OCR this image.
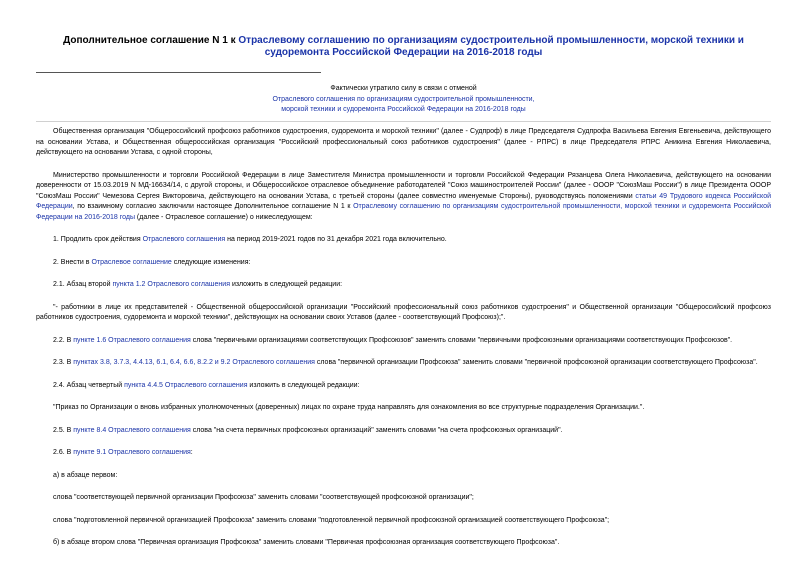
Дополнительное соглашение N 1 к Отраслевому соглашению по организациям судостроительной промышленности, морской техники и судоремонта Российской Федерации на 2016-2018 годы
Фактически утратило силу в связи с отменой
Отраслевого соглашения по организациям судостроительной промышленности,
морской техники и судоремонта Российской Федерации на 2016-2018 годы

Общественная организация "Общероссийский профсоюз работников судостроения, судоремонта и морской техники" (далее - Судпроф) в лице Председателя Судпрофа Васильева Евгения Евгеньевича, действующего на основании Устава, и Общественная общероссийская организация "Российский профессиональный союз работников судостроения" (далее - РПРС) в лице Председателя РПРС Аникина Евгения Николаевича, действующего на основании Устава, с одной стороны,

Министерство промышленности и торговли Российской Федерации в лице Заместителя Министра промышленности и торговли Российской Федерации Рязанцева Олега Николаевича, действующего на основании доверенности от 15.03.2019 N МД-16634/14, с другой стороны, и Общероссийское отраслевое объединение работодателей "Союз машиностроителей России" (далее - ОООР "СоюзМаш России") в лице Президента ОООР "СоюзМаш России" Чемезова Сергея Викторовича, действующего на основании Устава, с третьей стороны (далее совместно именуемые Стороны), руководствуясь положениями статьи 49 Трудового кодекса Российской Федерации, по взаимному согласию заключили настоящее Дополнительное соглашение N 1 к Отраслевому соглашению по организациям судостроительной промышленности, морской техники и судоремонта Российской Федерации на 2016-2018 годы (далее - Отраслевое соглашение) о нижеследующем:

1. Продлить срок действия Отраслевого соглашения на период 2019-2021 годов по 31 декабря 2021 года включительно.

2. Внести в Отраслевое соглашение следующие изменения:

2.1. Абзац второй пункта 1.2 Отраслевого соглашения изложить в следующей редакции:

"- работники в лице их представителей - Общественной общероссийской организации "Российский профессиональный союз работников судостроения" и Общественной организации "Общероссийский профсоюз работников судостроения, судоремонта и морской техники", действующих на основании своих Уставов (далее - соответствующий Профсоюз);".

2.2. В пункте 1.6 Отраслевого соглашения слова "первичными организациями соответствующих Профсоюзов" заменить словами "первичными профсоюзными организациями соответствующих Профсоюзов".

2.3. В пунктах 3.8, 3.7.3, 4.4.13, 6.1, 6.4, 6.6, 8.2.2 и 9.2 Отраслевого соглашения слова "первичной организации Профсоюза" заменить словами "первичной профсоюзной организации соответствующего Профсоюза".

2.4. Абзац четвертый пункта 4.4.5 Отраслевого соглашения изложить в следующей редакции:

"Приказ по Организации о вновь избранных уполномоченных (доверенных) лицах по охране труда направлять для ознакомления во все структурные подразделения Организации.".

2.5. В пункте 8.4 Отраслевого соглашения слова "на счета первичных профсоюзных организаций" заменить словами "на счета профсоюзных организаций".

2.6. В пункте 9.1 Отраслевого соглашения:

а) в абзаце первом:

слова "соответствующей первичной организации Профсоюза" заменить словами "соответствующей профсоюзной организации";

слова "подготовленной первичной организацией Профсоюза" заменить словами "подготовленной первичной профсоюзной организацией соответствующего Профсоюза";

б) в абзаце втором слова "Первичная организация Профсоюза" заменить словами "Первичная профсоюзная организация соответствующего Профсоюза".
